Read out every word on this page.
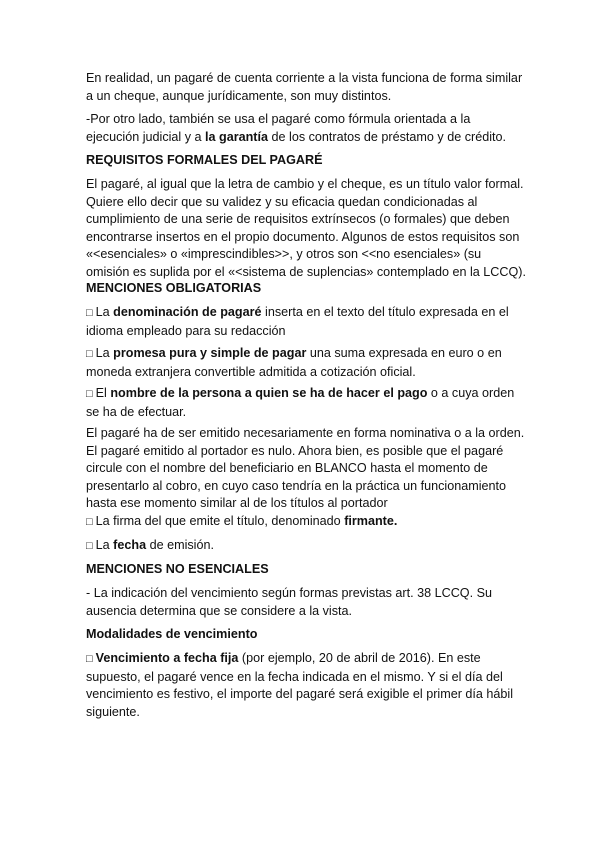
En realidad, un pagaré de cuenta corriente a la vista funciona de forma similar a un cheque, aunque jurídicamente, son muy distintos.

-Por otro lado, también se usa el pagaré como fórmula orientada a la ejecución judicial y a la garantía de los contratos de préstamo y de crédito.

REQUISITOS FORMALES DEL PAGARÉ

El pagaré, al igual que la letra de cambio y el cheque, es un título valor formal. Quiere ello decir que su validez y su eficacia quedan condicionadas al cumplimiento de una serie de requisitos extrínsecos (o formales) que deben encontrarse insertos en el propio documento. Algunos de estos requisitos son «<esenciales» o «imprescindibles>>, y otros son <<no esenciales» (su omisión es suplida por el «<sistema de suplencias» contemplado en la LCCQ).

MENCIONES OBLIGATORIAS

□ La denominación de pagaré inserta en el texto del título expresada en el idioma empleado para su redacción

□ La promesa pura y simple de pagar una suma expresada en euro o en moneda extranjera convertible admitida a cotización oficial.

□ El nombre de la persona a quien se ha de hacer el pago o a cuya orden se ha de efectuar.

El pagaré ha de ser emitido necesariamente en forma nominativa o a la orden. El pagaré emitido al portador es nulo. Ahora bien, es posible que el pagaré circule con el nombre del beneficiario en BLANCO hasta el momento de presentarlo al cobro, en cuyo caso tendría en la práctica un funcionamiento hasta ese momento similar al de los títulos al portador

□ La firma del que emite el título, denominado firmante.

□ La fecha de emisión.

MENCIONES NO ESENCIALES

- La indicación del vencimiento según formas previstas art. 38 LCCQ. Su ausencia determina que se considere a la vista.

Modalidades de vencimiento

□ Vencimiento a fecha fija (por ejemplo, 20 de abril de 2016). En este supuesto, el pagaré vence en la fecha indicada en el mismo. Y si el día del vencimiento es festivo, el importe del pagaré será exigible el primer día hábil siguiente.
